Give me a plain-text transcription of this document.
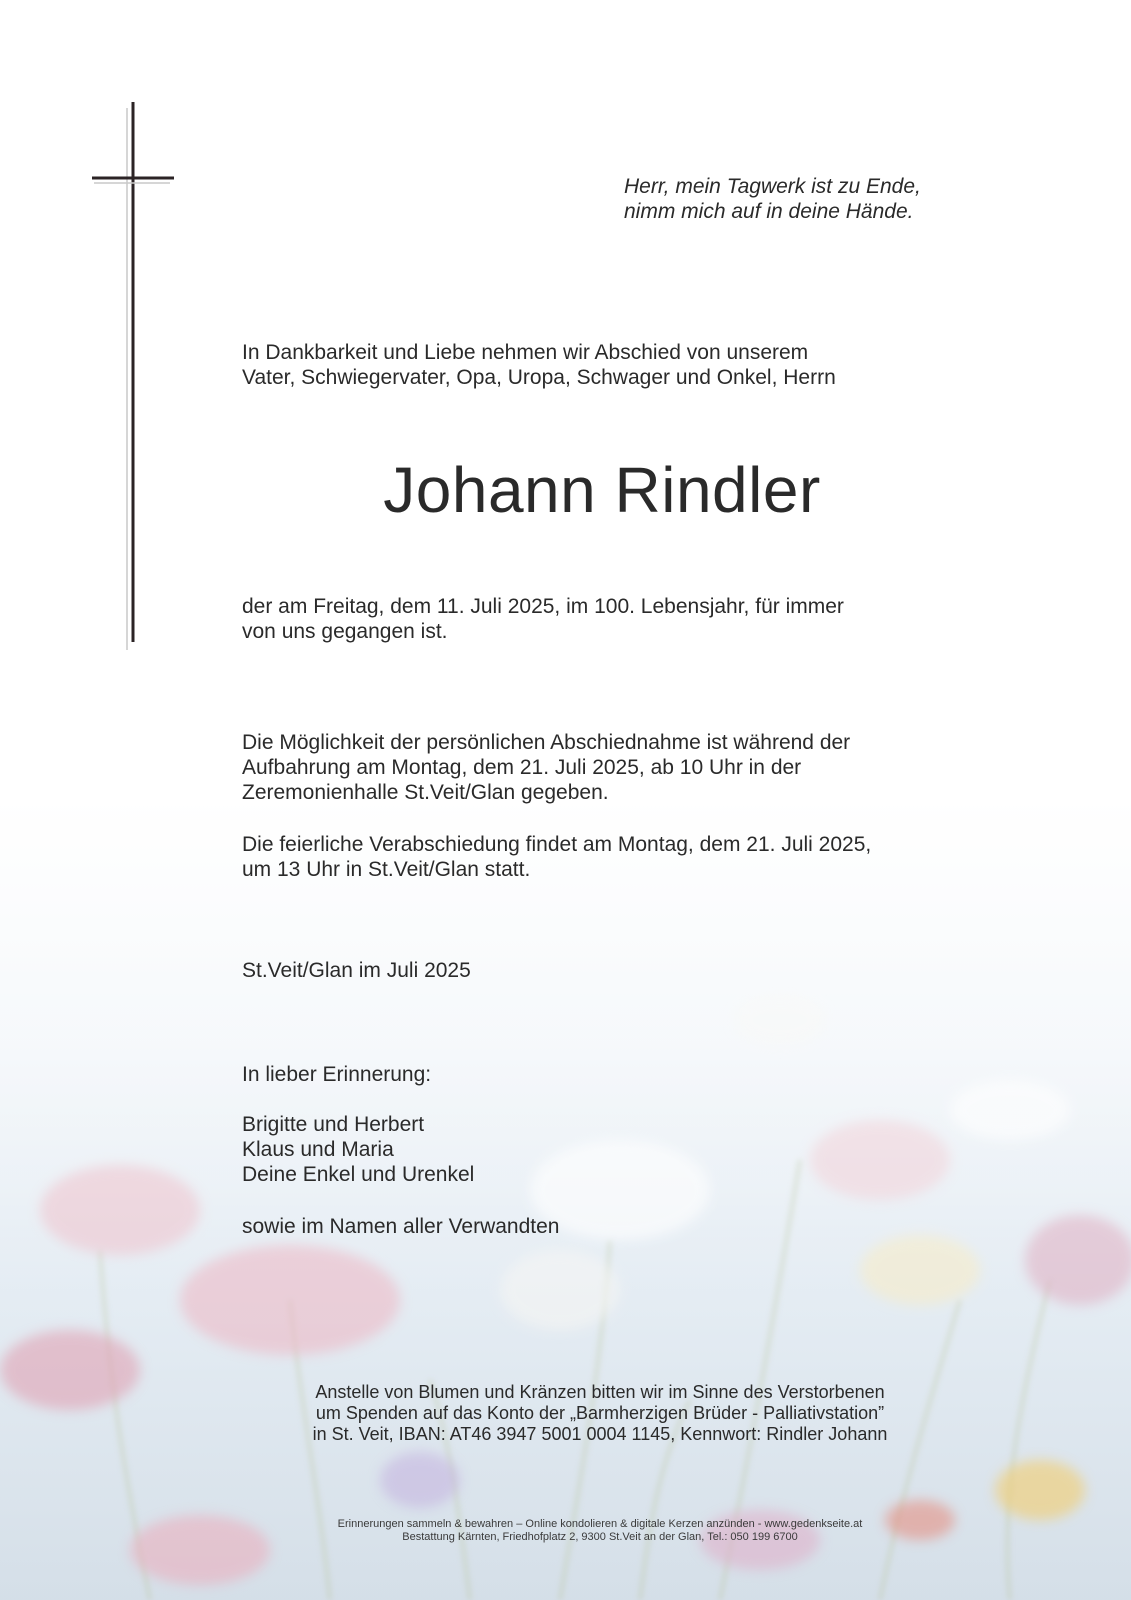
Herr, mein Tagwerk ist zu Ende,
nimm mich auf in deine Hände.
In Dankbarkeit und Liebe nehmen wir Abschied von unserem
Vater, Schwiegervater, Opa, Uropa, Schwager und Onkel, Herrn
Johann Rindler
der am Freitag, dem 11. Juli 2025, im 100. Lebensjahr, für immer
von uns gegangen ist.
Die Möglichkeit der persönlichen Abschiednahme ist während der
Aufbahrung am Montag, dem 21. Juli 2025, ab 10 Uhr in der
Zeremonienhalle St.Veit/Glan gegeben.
Die feierliche Verabschiedung findet am Montag, dem 21. Juli 2025,
um 13 Uhr in St.Veit/Glan statt.
St.Veit/Glan im Juli 2025
In lieber Erinnerung:
Brigitte und Herbert
Klaus und Maria
Deine Enkel und Urenkel
sowie im Namen aller Verwandten
Anstelle von Blumen und Kränzen bitten wir im Sinne des Verstorbenen
um Spenden auf das Konto der „Barmherzigen Brüder - Palliativstation”
in St. Veit, IBAN: AT46 3947 5001 0004 1145, Kennwort: Rindler Johann
Erinnerungen sammeln & bewahren – Online kondolieren & digitale Kerzen anzünden - www.gedenkseite.at
Bestattung Kärnten, Friedhofplatz 2, 9300 St.Veit an der Glan, Tel.: 050 199 6700
